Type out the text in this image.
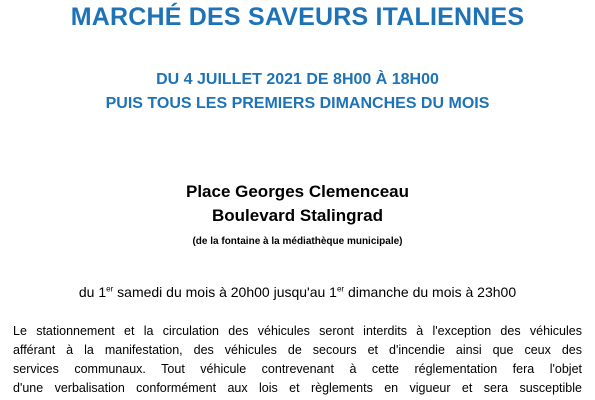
MARCHÉ DES SAVEURS ITALIENNES
DU 4 JUILLET 2021 DE 8H00 À 18H00
PUIS TOUS LES PREMIERS DIMANCHES DU MOIS
Place Georges Clemenceau
Boulevard Stalingrad
(de la fontaine à la médiathèque municipale)
du 1er samedi du mois à 20h00 jusqu'au 1er dimanche du mois à 23h00
Le stationnement et la circulation des véhicules seront interdits à l'exception des véhicules
afférant à la manifestation, des véhicules de secours et d'incendie ainsi que ceux des
services communaux. Tout véhicule contrevenant à cette réglementation fera l'objet
d'une verbalisation conformément aux lois et règlements en vigueur et sera susceptible
